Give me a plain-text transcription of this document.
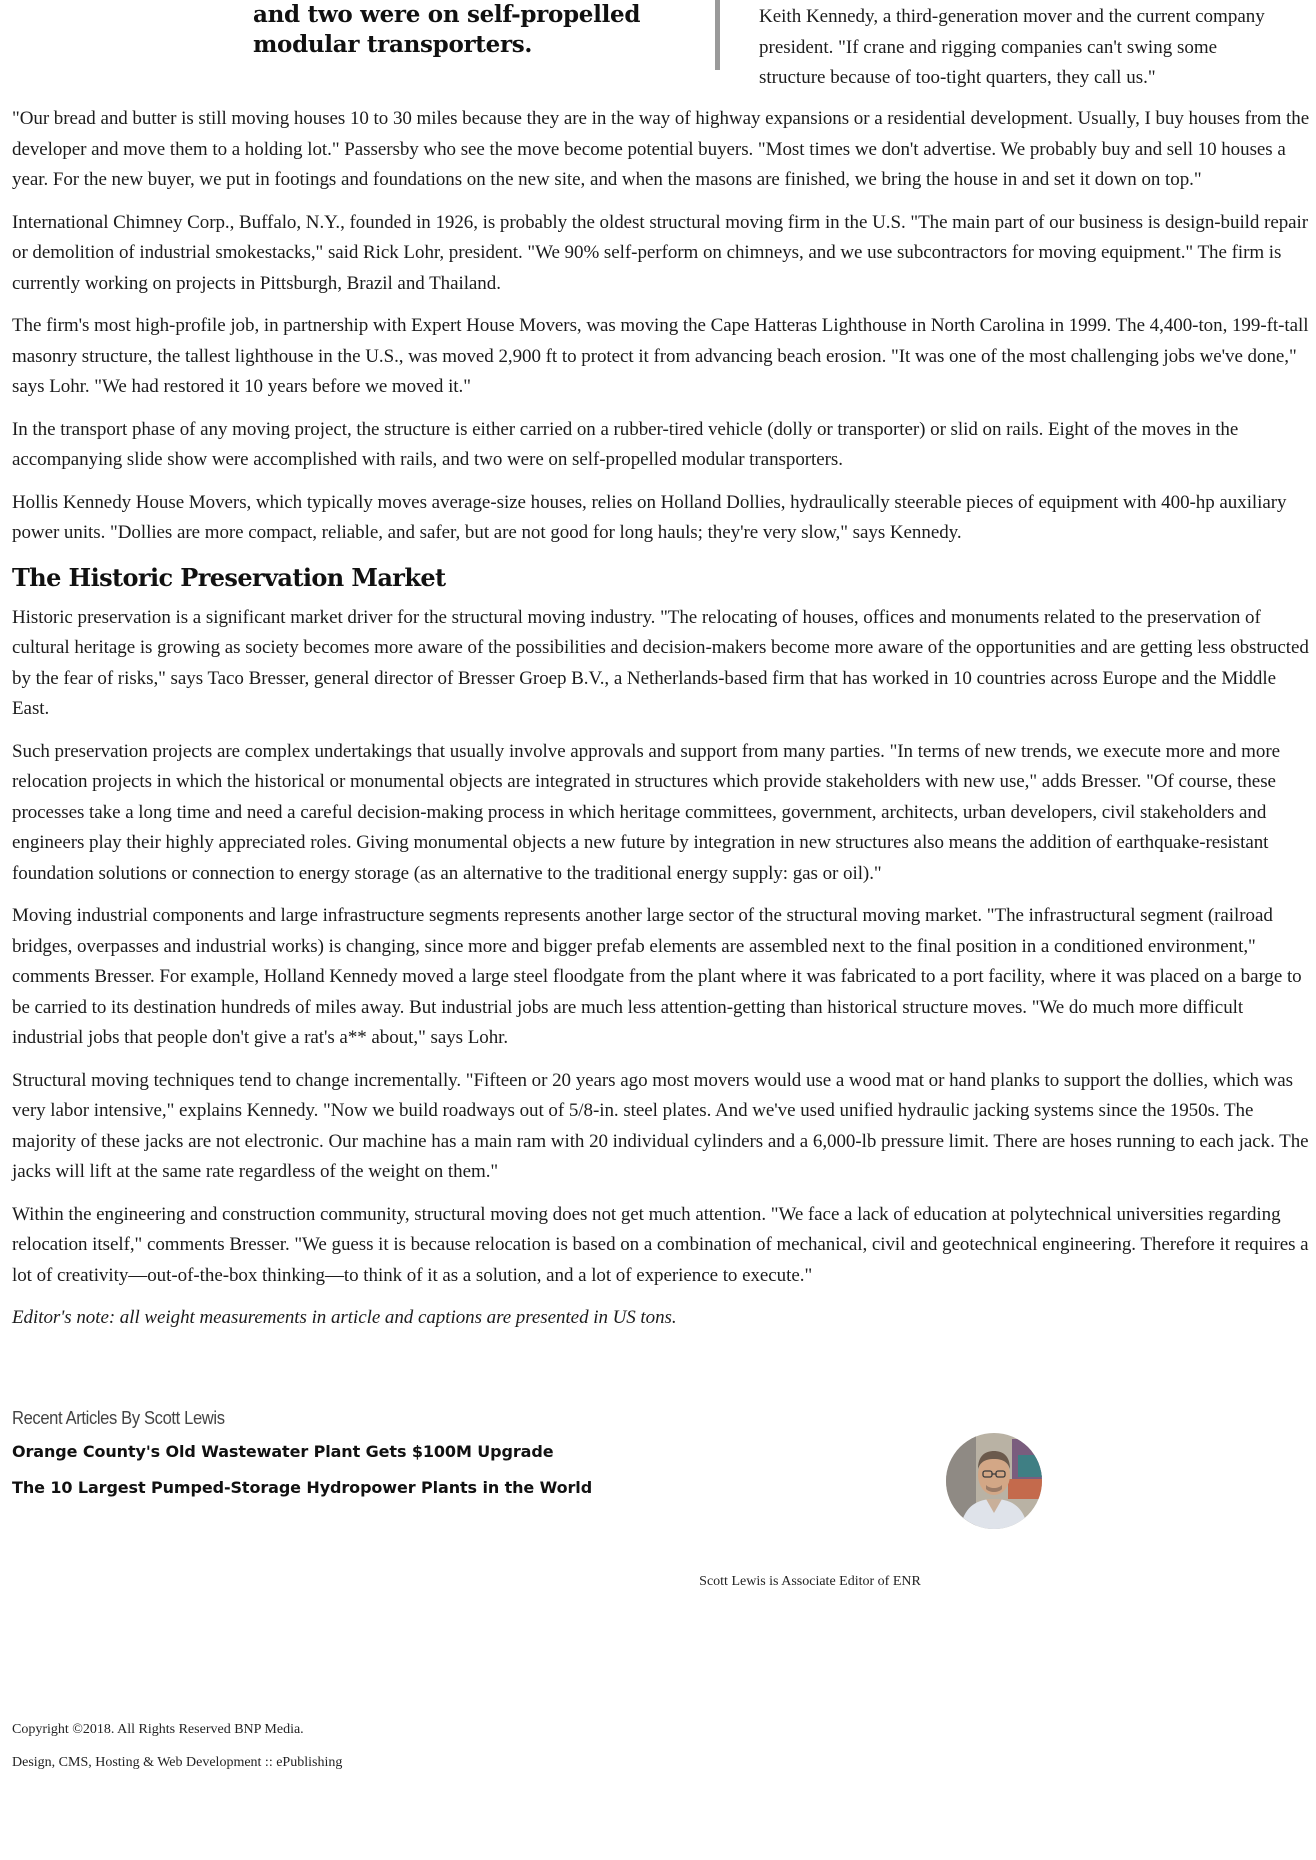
and two were on self-propelled modular transporters.

Keith Kennedy, a third-generation mover and the current company president. "If crane and rigging companies can't swing some structure because of too-tight quarters, they call us."

"Our bread and butter is still moving houses 10 to 30 miles because they are in the way of highway expansions or a residential development. Usually, I buy houses from the developer and move them to a holding lot." Passersby who see the move become potential buyers. "Most times we don't advertise. We probably buy and sell 10 houses a year. For the new buyer, we put in footings and foundations on the new site, and when the masons are finished, we bring the house in and set it down on top."

International Chimney Corp., Buffalo, N.Y., founded in 1926, is probably the oldest structural moving firm in the U.S. "The main part of our business is design-build repair or demolition of industrial smokestacks," said Rick Lohr, president. "We 90% self-perform on chimneys, and we use subcontractors for moving equipment." The firm is currently working on projects in Pittsburgh, Brazil and Thailand.

The firm's most high-profile job, in partnership with Expert House Movers, was moving the Cape Hatteras Lighthouse in North Carolina in 1999. The 4,400-ton, 199-ft-tall masonry structure, the tallest lighthouse in the U.S., was moved 2,900 ft to protect it from advancing beach erosion. "It was one of the most challenging jobs we've done," says Lohr. "We had restored it 10 years before we moved it."

In the transport phase of any moving project, the structure is either carried on a rubber-tired vehicle (dolly or transporter) or slid on rails. Eight of the moves in the accompanying slide show were accomplished with rails, and two were on self-propelled modular transporters.

Hollis Kennedy House Movers, which typically moves average-size houses, relies on Holland Dollies, hydraulically steerable pieces of equipment with 400-hp auxiliary power units. "Dollies are more compact, reliable, and safer, but are not good for long hauls; they're very slow," says Kennedy.

The Historic Preservation Market

Historic preservation is a significant market driver for the structural moving industry. "The relocating of houses, offices and monuments related to the preservation of cultural heritage is growing as society becomes more aware of the possibilities and decision-makers become more aware of the opportunities and are getting less obstructed by the fear of risks," says Taco Bresser, general director of Bresser Groep B.V., a Netherlands-based firm that has worked in 10 countries across Europe and the Middle East.

Such preservation projects are complex undertakings that usually involve approvals and support from many parties. "In terms of new trends, we execute more and more relocation projects in which the historical or monumental objects are integrated in structures which provide stakeholders with new use," adds Bresser. "Of course, these processes take a long time and need a careful decision-making process in which heritage committees, government, architects, urban developers, civil stakeholders and engineers play their highly appreciated roles. Giving monumental objects a new future by integration in new structures also means the addition of earthquake-resistant foundation solutions or connection to energy storage (as an alternative to the traditional energy supply: gas or oil)."

Moving industrial components and large infrastructure segments represents another large sector of the structural moving market. "The infrastructural segment (railroad bridges, overpasses and industrial works) is changing, since more and bigger prefab elements are assembled next to the final position in a conditioned environment," comments Bresser. For example, Holland Kennedy moved a large steel floodgate from the plant where it was fabricated to a port facility, where it was placed on a barge to be carried to its destination hundreds of miles away. But industrial jobs are much less attention-getting than historical structure moves. "We do much more difficult industrial jobs that people don't give a rat's a** about," says Lohr.

Structural moving techniques tend to change incrementally. "Fifteen or 20 years ago most movers would use a wood mat or hand planks to support the dollies, which was very labor intensive," explains Kennedy. "Now we build roadways out of 5/8-in. steel plates. And we've used unified hydraulic jacking systems since the 1950s. The majority of these jacks are not electronic. Our machine has a main ram with 20 individual cylinders and a 6,000-lb pressure limit. There are hoses running to each jack. The jacks will lift at the same rate regardless of the weight on them."

Within the engineering and construction community, structural moving does not get much attention. "We face a lack of education at polytechnical universities regarding relocation itself," comments Bresser. "We guess it is because relocation is based on a combination of mechanical, civil and geotechnical engineering. Therefore it requires a lot of creativity—out-of-the-box thinking—to think of it as a solution, and a lot of experience to execute."

Editor's note: all weight measurements in article and captions are presented in US tons.

Recent Articles By Scott Lewis
Orange County's Old Wastewater Plant Gets $100M Upgrade
The 10 Largest Pumped-Storage Hydropower Plants in the World
Scott Lewis is Associate Editor of ENR
Copyright ©2018. All Rights Reserved BNP Media.
Design, CMS, Hosting & Web Development :: ePublishing
